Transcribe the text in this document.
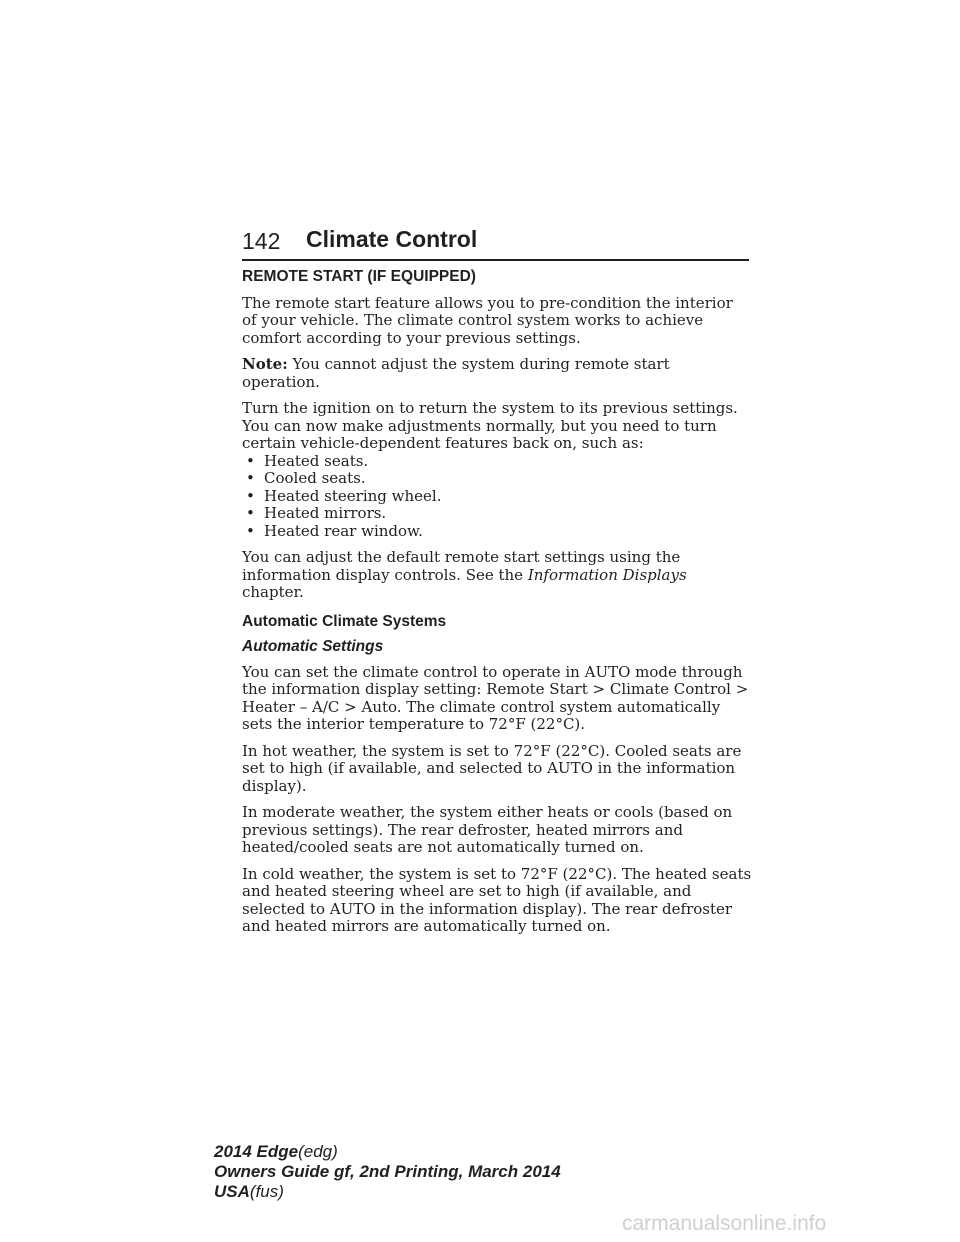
142 Climate Control
REMOTE START (IF EQUIPPED)

The remote start feature allows you to pre-condition the interior of your vehicle. The climate control system works to achieve comfort according to your previous settings.

Note: You cannot adjust the system during remote start operation.

Turn the ignition on to return the system to its previous settings. You can now make adjustments normally, but you need to turn certain vehicle-dependent features back on, such as:

• Heated seats.
• Cooled seats.
• Heated steering wheel.
• Heated mirrors.
• Heated rear window.

You can adjust the default remote start settings using the information display controls. See the Information Displays chapter.

Automatic Climate Systems
Automatic Settings

You can set the climate control to operate in AUTO mode through the information display setting: Remote Start > Climate Control > Heater – A/C > Auto. The climate control system automatically sets the interior temperature to 72°F (22°C).

In hot weather, the system is set to 72°F (22°C). Cooled seats are set to high (if available, and selected to AUTO in the information display).

In moderate weather, the system either heats or cools (based on previous settings). The rear defroster, heated mirrors and heated/cooled seats are not automatically turned on.

In cold weather, the system is set to 72°F (22°C). The heated seats and heated steering wheel are set to high (if available, and selected to AUTO in the information display). The rear defroster and heated mirrors are automatically turned on.

2014 Edge(edg)
Owners Guide gf, 2nd Printing, March 2014
USA(fus)
carmanualsonline.info
